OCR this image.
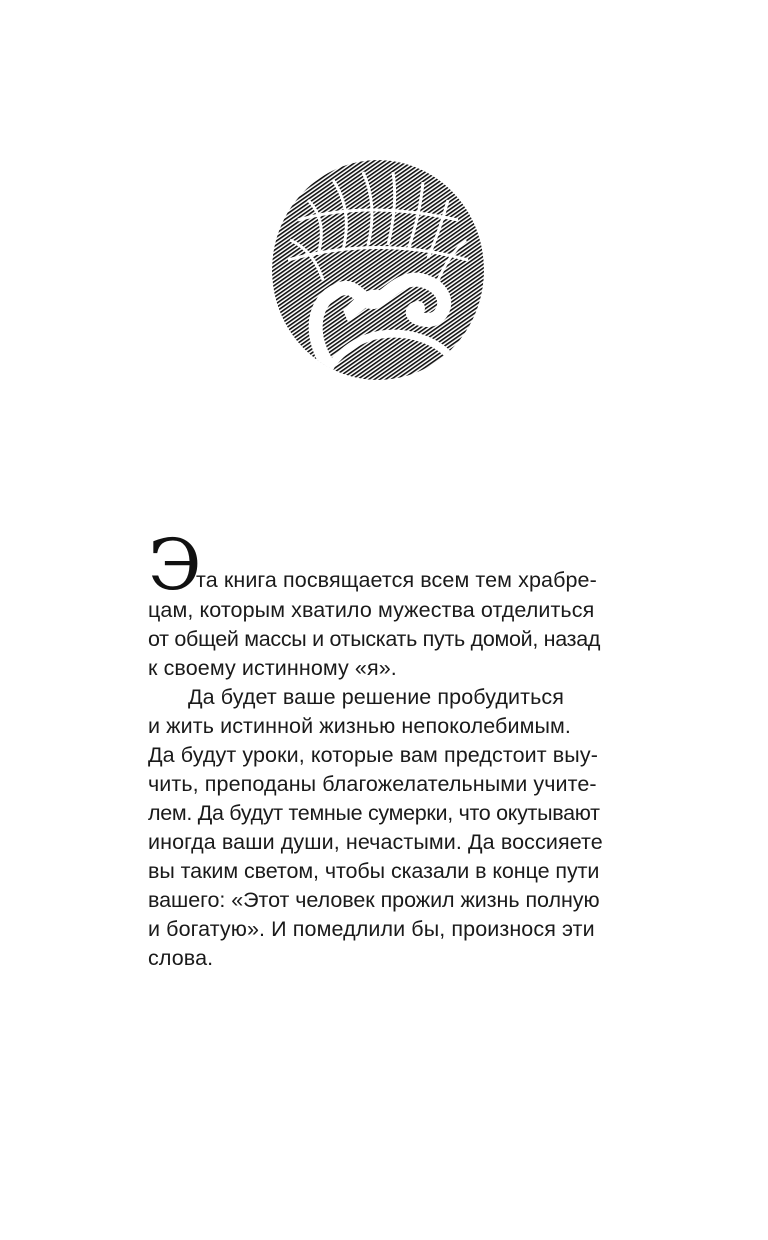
Э
та книга посвящается всем тем храбре-
цам, которым хватило мужества отделиться
от общей массы и отыскать путь домой, назад
к своему истинному «я».
Да будет ваше решение пробудиться
и жить истинной жизнью непоколебимым.
Да будут уроки, которые вам предстоит выу-
чить, преподаны благожелательными учите-
лем. Да будут темные сумерки, что окутывают
иногда ваши души, нечастыми. Да воссияете
вы таким светом, чтобы сказали в конце пути
вашего: «Этот человек прожил жизнь полную
и богатую». И помедлили бы, произнося эти
слова.
